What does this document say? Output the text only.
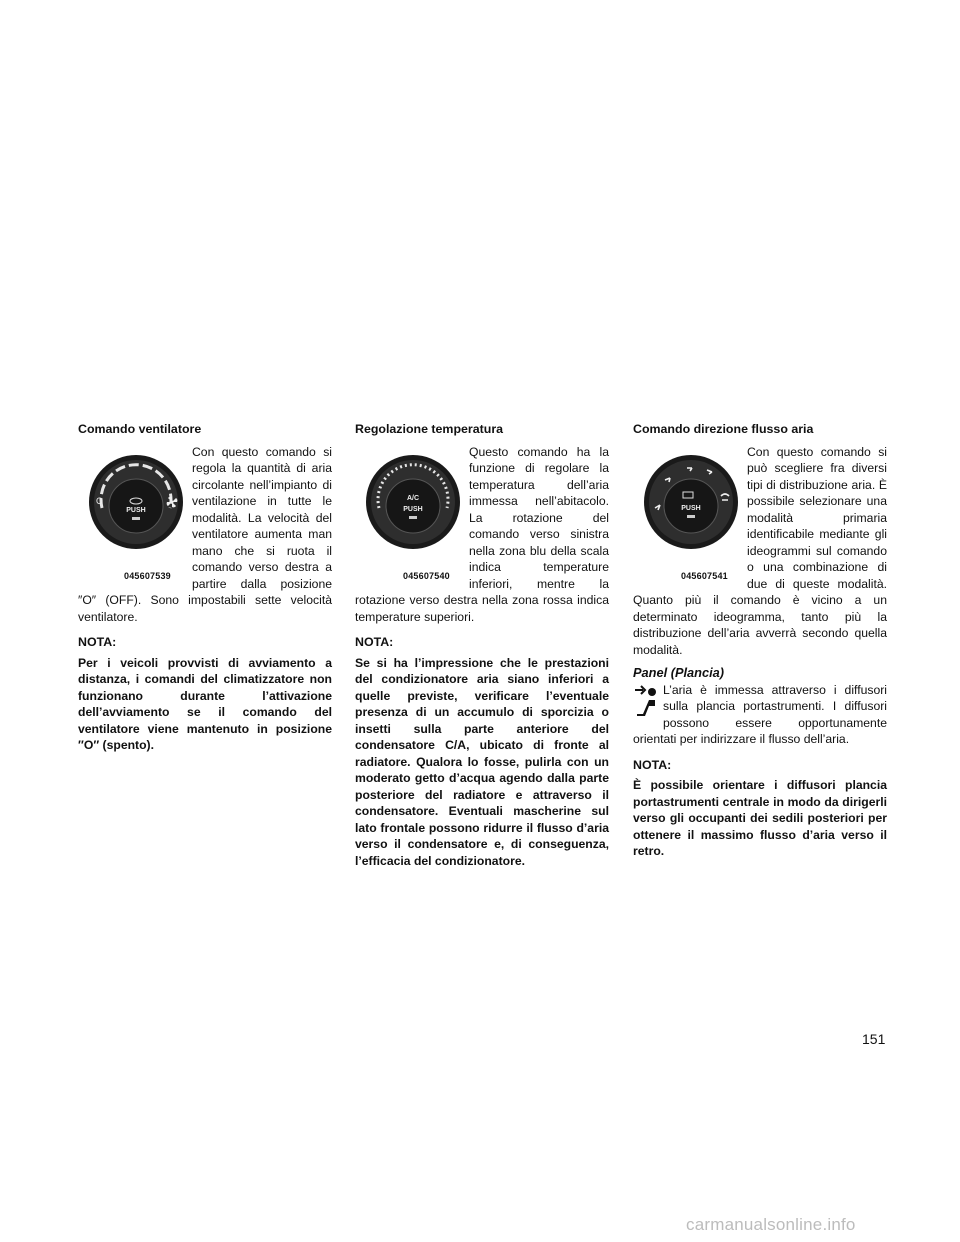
Comando ventilatore
PUSH
O
045607539

Con questo comando si regola la quantità di aria circolante nell’impianto di ventilazione in tutte le modalità. La velocità del ventilatore aumenta man mano che si ruota il comando verso destra a partire dalla posizione ″O″ (OFF). Sono impostabili sette velocità ventilatore.

NOTA:

Per i veicoli provvisti di avviamento a distanza, i comandi del climatizzatore non funzionano durante l’attivazione dell’avviamento se il comando del ventilatore viene mantenuto in posizione ″O″ (spento).

Regolazione temperatura
A/C
PUSH
045607540

Questo comando ha la funzione di regolare la temperatura dell’aria immessa nell’abitacolo. La rotazione del comando verso sinistra nella zona blu della scala indica temperature inferiori, mentre la rotazione verso destra nella zona rossa indica temperature superiori.

NOTA:

Se si ha l’impressione che le prestazioni del condizionatore aria siano inferiori a quelle previste, verificare l’eventuale presenza di un accumulo di sporcizia o insetti sulla parte anteriore del condensatore C/A, ubicato di fronte al radiatore. Qualora lo fosse, pulirla con un moderato getto d’acqua agendo dalla parte posteriore del radiatore e attraverso il condensatore. Eventuali mascherine sul lato frontale possono ridurre il flusso d’aria verso il condensatore e, di conseguenza, l’efficacia del condizionatore.

Comando direzione flusso aria
PUSH
045607541

Con questo comando si può scegliere fra diversi tipi di distribuzione aria. È possibile selezionare una modalità primaria identificabile mediante gli ideogrammi sul comando o una combinazione di due di queste modalità. Quanto più il comando è vicino a un determinato ideogramma, tanto più la distribuzione dell’aria avverrà secondo quella modalità.

Panel (Plancia)

L’aria è immessa attraverso i diffusori sulla plancia portastrumenti. I diffusori possono essere opportunamente orientati per indirizzare il flusso dell’aria.

NOTA:

È possibile orientare i diffusori plancia portastrumenti centrale in modo da dirigerli verso gli occupanti dei sedili posteriori per ottenere il massimo flusso d’aria verso il retro.

151
carmanualsonline.info
